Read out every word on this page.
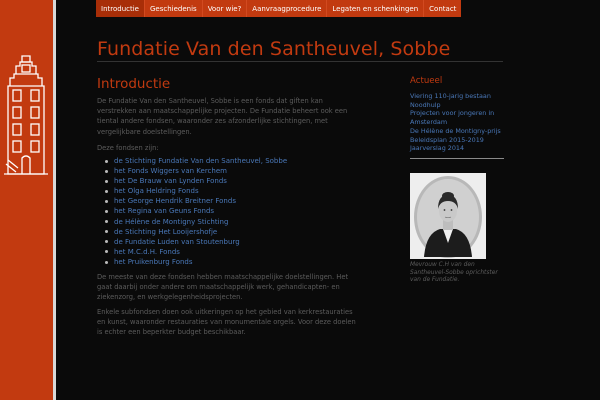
Introductie	Geschiedenis	Voor wie?	Aanvraagprocedure	Legaten en schenkingen	Contact
Fundatie Van den Santheuvel, Sobbe
Introductie

De Fundatie Van den Santheuvel, Sobbe is een fonds dat giften kan verstrekken aan maatschappelijke projecten. De Fundatie beheert ook een tiental andere fondsen, waaronder zes afzonderlijke stichtingen, met vergelijkbare doelstellingen.

Deze fondsen zijn:

de Stichting Fundatie Van den Santheuvel, Sobbe
het Fonds Wiggers van Kerchem
het De Brauw van Lynden Fonds
het Olga Heldring Fonds
het George Hendrik Breitner Fonds
het Regina van Geuns Fonds
de Hélène de Montigny Stichting
de Stichting Het Looijershofje
de Fundatie Luden van Stoutenburg
het M.C.d.H. Fonds
het Pruikenburg Fonds

De meeste van deze fondsen hebben maatschappelijke doelstellingen. Het gaat daarbij onder andere om maatschappelijk werk, gehandicapten- en ziekenzorg, en werkgelegenheidsprojecten.

Enkele subfondsen doen ook uitkeringen op het gebied van kerkrestauraties en kunst, waaronder restauraties van monumentale orgels. Voor deze doelen is echter een beperkter budget beschikbaar.

Actueel
Viering 110-jarig bestaan
Noodhulp
Projecten voor jongeren in
Amsterdam
De Hélène de Montigny-prijs
Beleidsplan 2015-2019
Jaarverslag 2014
Mevrouw C.H van den Santheuvel-Sobbe oprichtster van de Fundatie.
